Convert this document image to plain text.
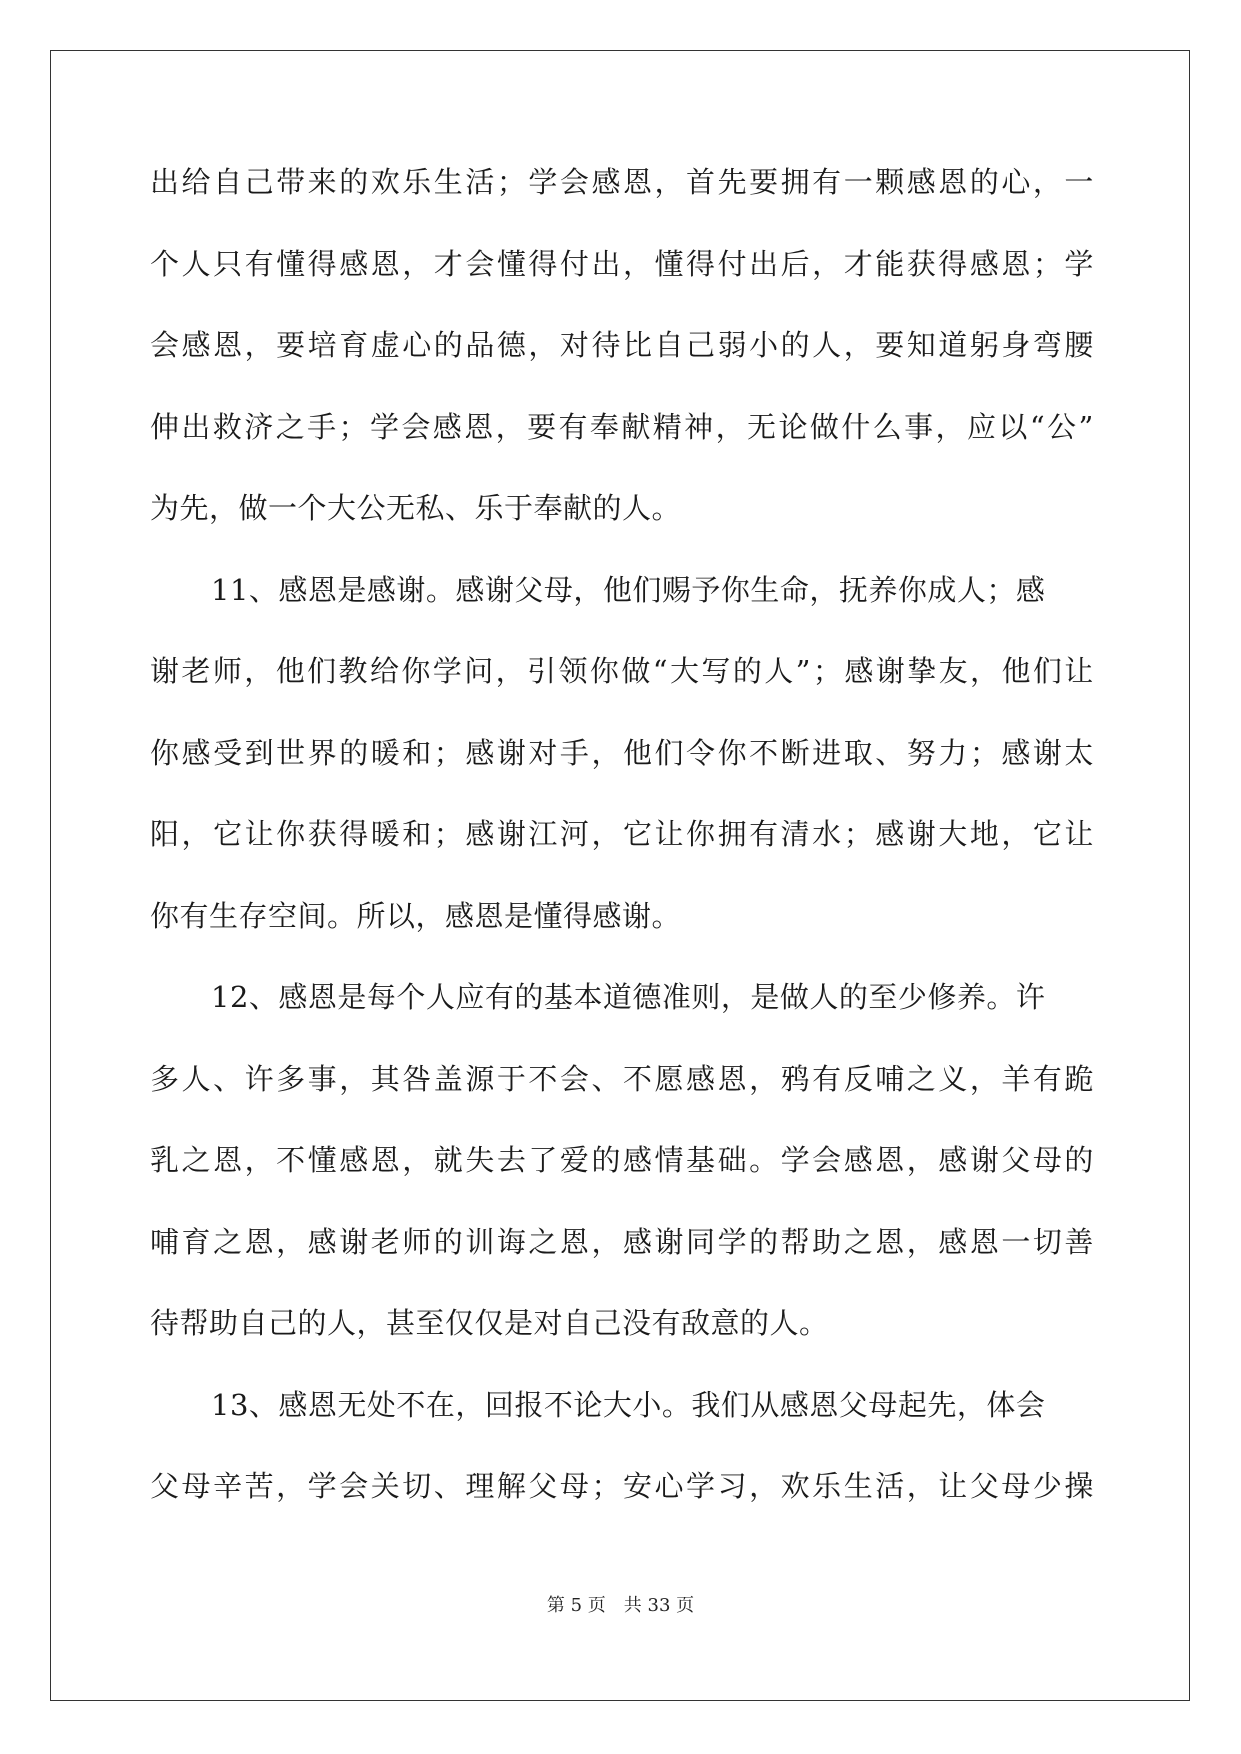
出 给 自 己 带 来 的 欢 乐 生 活 ； 学 会 感 恩 ， 首 先 要 拥 有 一 颗 感 恩 的 心 ， 一
个 人 只 有 懂 得 感 恩 ， 才 会 懂 得 付 出 ， 懂 得 付 出 后 ， 才 能 获 得 感 恩 ； 学
会 感 恩 ， 要 培 育 虚 心 的 品 德 ， 对 待 比 自 己 弱 小 的 人 ， 要 知 道 躬 身 弯 腰
伸 出 救 济 之 手 ； 学 会 感 恩 ， 要 有 奉 献 精 神 ， 无 论 做 什 么 事 ， 应 以 “ 公 ”
为先，做一个大公无私、乐于奉献的人。
11、感恩是感谢。感谢父母，他们赐予你生命，抚养你成人；感
谢 老 师 ， 他 们 教 给 你 学 问 ， 引 领 你 做 “ 大 写 的 人 ” ； 感 谢 挚 友 ， 他 们 让
你 感 受 到 世 界 的 暖 和 ； 感 谢 对 手 ， 他 们 令 你 不 断 进 取 、 努 力 ； 感 谢 太
阳 ， 它 让 你 获 得 暖 和 ； 感 谢 江 河 ， 它 让 你 拥 有 清 水 ； 感 谢 大 地 ， 它 让
你有生存空间。所以，感恩是懂得感谢。
12、感恩是每个人应有的基本道德准则，是做人的至少修养。许
多 人 、 许 多 事 ， 其 咎 盖 源 于 不 会 、 不 愿 感 恩 ， 鸦 有 反 哺 之 义 ， 羊 有 跪
乳 之 恩 ， 不 懂 感 恩 ， 就 失 去 了 爱 的 感 情 基 础 。 学 会 感 恩 ， 感 谢 父 母 的
哺 育 之 恩 ， 感 谢 老 师 的 训 诲 之 恩 ， 感 谢 同 学 的 帮 助 之 恩 ， 感 恩 一 切 善
待帮助自己的人，甚至仅仅是对自己没有敌意的人。
13、感恩无处不在，回报不论大小。我们从感恩父母起先，体会
父 母 辛 苦 ， 学 会 关 切 、 理 解 父 母 ； 安 心 学 习 ， 欢 乐 生 活 ， 让 父 母 少 操
第 5 页　共 33 页
